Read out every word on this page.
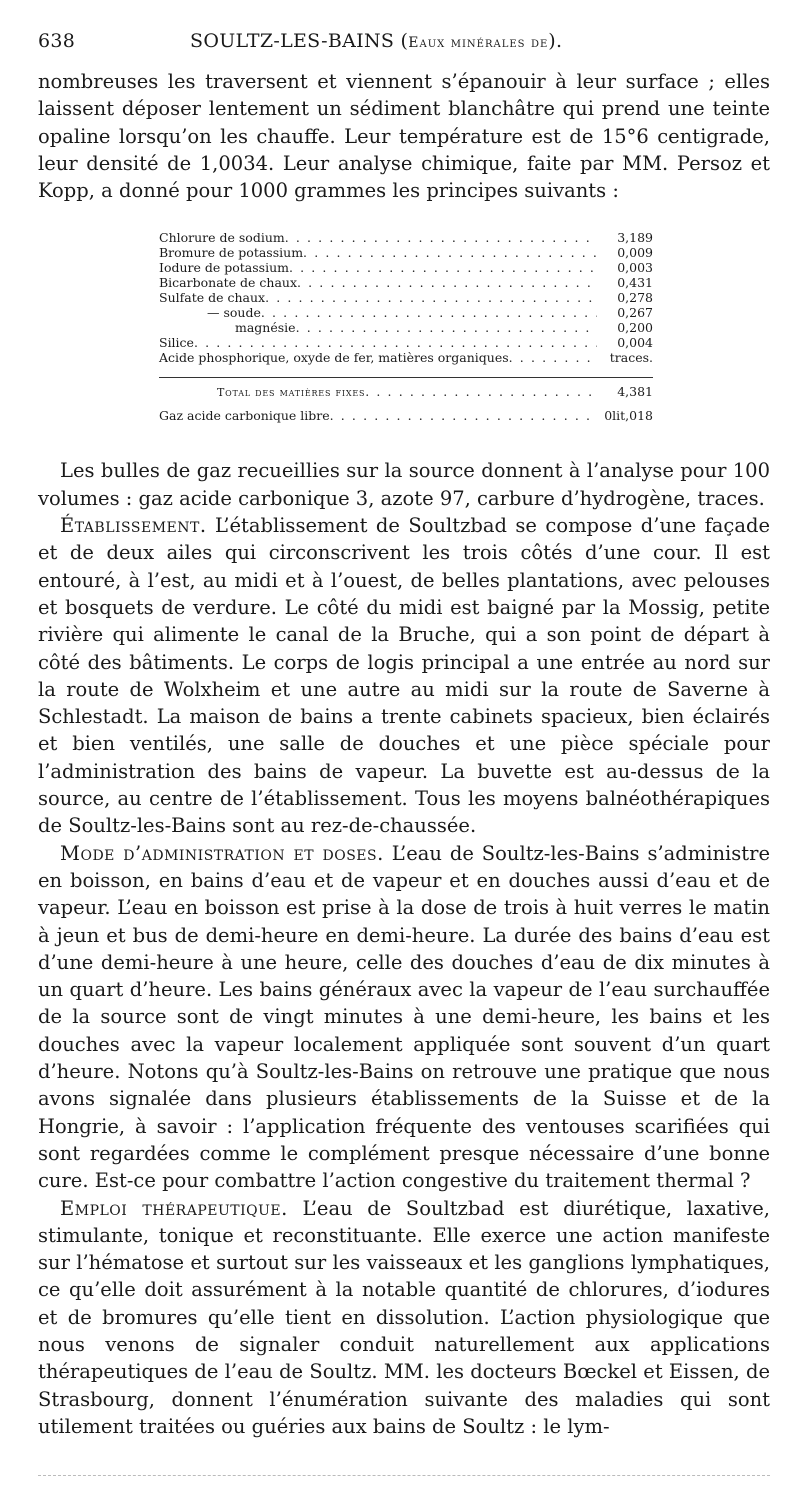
638	SOULTZ-LES-BAINS (Eaux minérales de).

nombreuses les traversent et viennent s’épanouir à leur surface ; elles laissent déposer lentement un sédiment blanchâtre qui prend une teinte opaline lorsqu’on les chauffe. Leur température est de 15°6 centigrade, leur densité de 1,0034. Leur analyse chimique, faite par MM. Persoz et Kopp, a donné pour 1000 grammes les principes suivants :

Chlorure de sodium . . .	3,189
Bromure de potassium . . .	0,009
Iodure de potassium . . .	0,003
Bicarbonate de chaux . . .	0,431
Sulfate de chaux . . .	0,278
— soude . . .	0,267
magnésie . . .	0,200
Silice . . .	0,004
Acide phosphorique, oxyde de fer, matières organiques . . .	traces.
Total des matières fixes . . .	4,381
Gaz acide carbonique libre . . .	0lit,018

Les bulles de gaz recueillies sur la source donnent à l’analyse pour 100 volumes : gaz acide carbonique 3, azote 97, carbure d’hydrogène, traces.

Établissement. L’établissement de Soultzbad se compose d’une façade et de deux ailes qui circonscrivent les trois côtés d’une cour. Il est entouré, à l’est, au midi et à l’ouest, de belles plantations, avec pelouses et bosquets de verdure. Le côté du midi est baigné par la Mossig, petite rivière qui alimente le canal de la Bruche, qui a son point de départ à côté des bâtiments. Le corps de logis principal a une entrée au nord sur la route de Wolxheim et une autre au midi sur la route de Saverne à Schlestadt. La maison de bains a trente cabinets spacieux, bien éclairés et bien ventilés, une salle de douches et une pièce spéciale pour l’administration des bains de vapeur. La buvette est au-dessus de la source, au centre de l’établissement. Tous les moyens balnéothérapiques de Soultz-les-Bains sont au rez-de-chaussée.

Mode d’administration et doses. L’eau de Soultz-les-Bains s’administre en boisson, en bains d’eau et de vapeur et en douches aussi d’eau et de vapeur. L’eau en boisson est prise à la dose de trois à huit verres le matin à jeun et bus de demi-heure en demi-heure. La durée des bains d’eau est d’une demi-heure à une heure, celle des douches d’eau de dix minutes à un quart d’heure. Les bains généraux avec la vapeur de l’eau surchauffée de la source sont de vingt minutes à une demi-heure, les bains et les douches avec la vapeur localement appliquée sont souvent d’un quart d’heure. Notons qu’à Soultz-les-Bains on retrouve une pratique que nous avons signalée dans plusieurs établissements de la Suisse et de la Hongrie, à savoir : l’application fréquente des ventouses scarifiées qui sont regardées comme le complément presque nécessaire d’une bonne cure. Est-ce pour combattre l’action congestive du traitement thermal ?

Emploi thérapeutique. L’eau de Soultzbad est diurétique, laxative, stimulante, tonique et reconstituante. Elle exerce une action manifeste sur l’hématose et surtout sur les vaisseaux et les ganglions lymphatiques, ce qu’elle doit assurément à la notable quantité de chlorures, d’iodures et de bromures qu’elle tient en dissolution. L’action physiologique que nous venons de signaler conduit naturellement aux applications thérapeutiques de l’eau de Soultz. MM. les docteurs Bœckel et Eissen, de Strasbourg, donnent l’énumération suivante des maladies qui sont utilement traitées ou guéries aux bains de Soultz : le lym-
